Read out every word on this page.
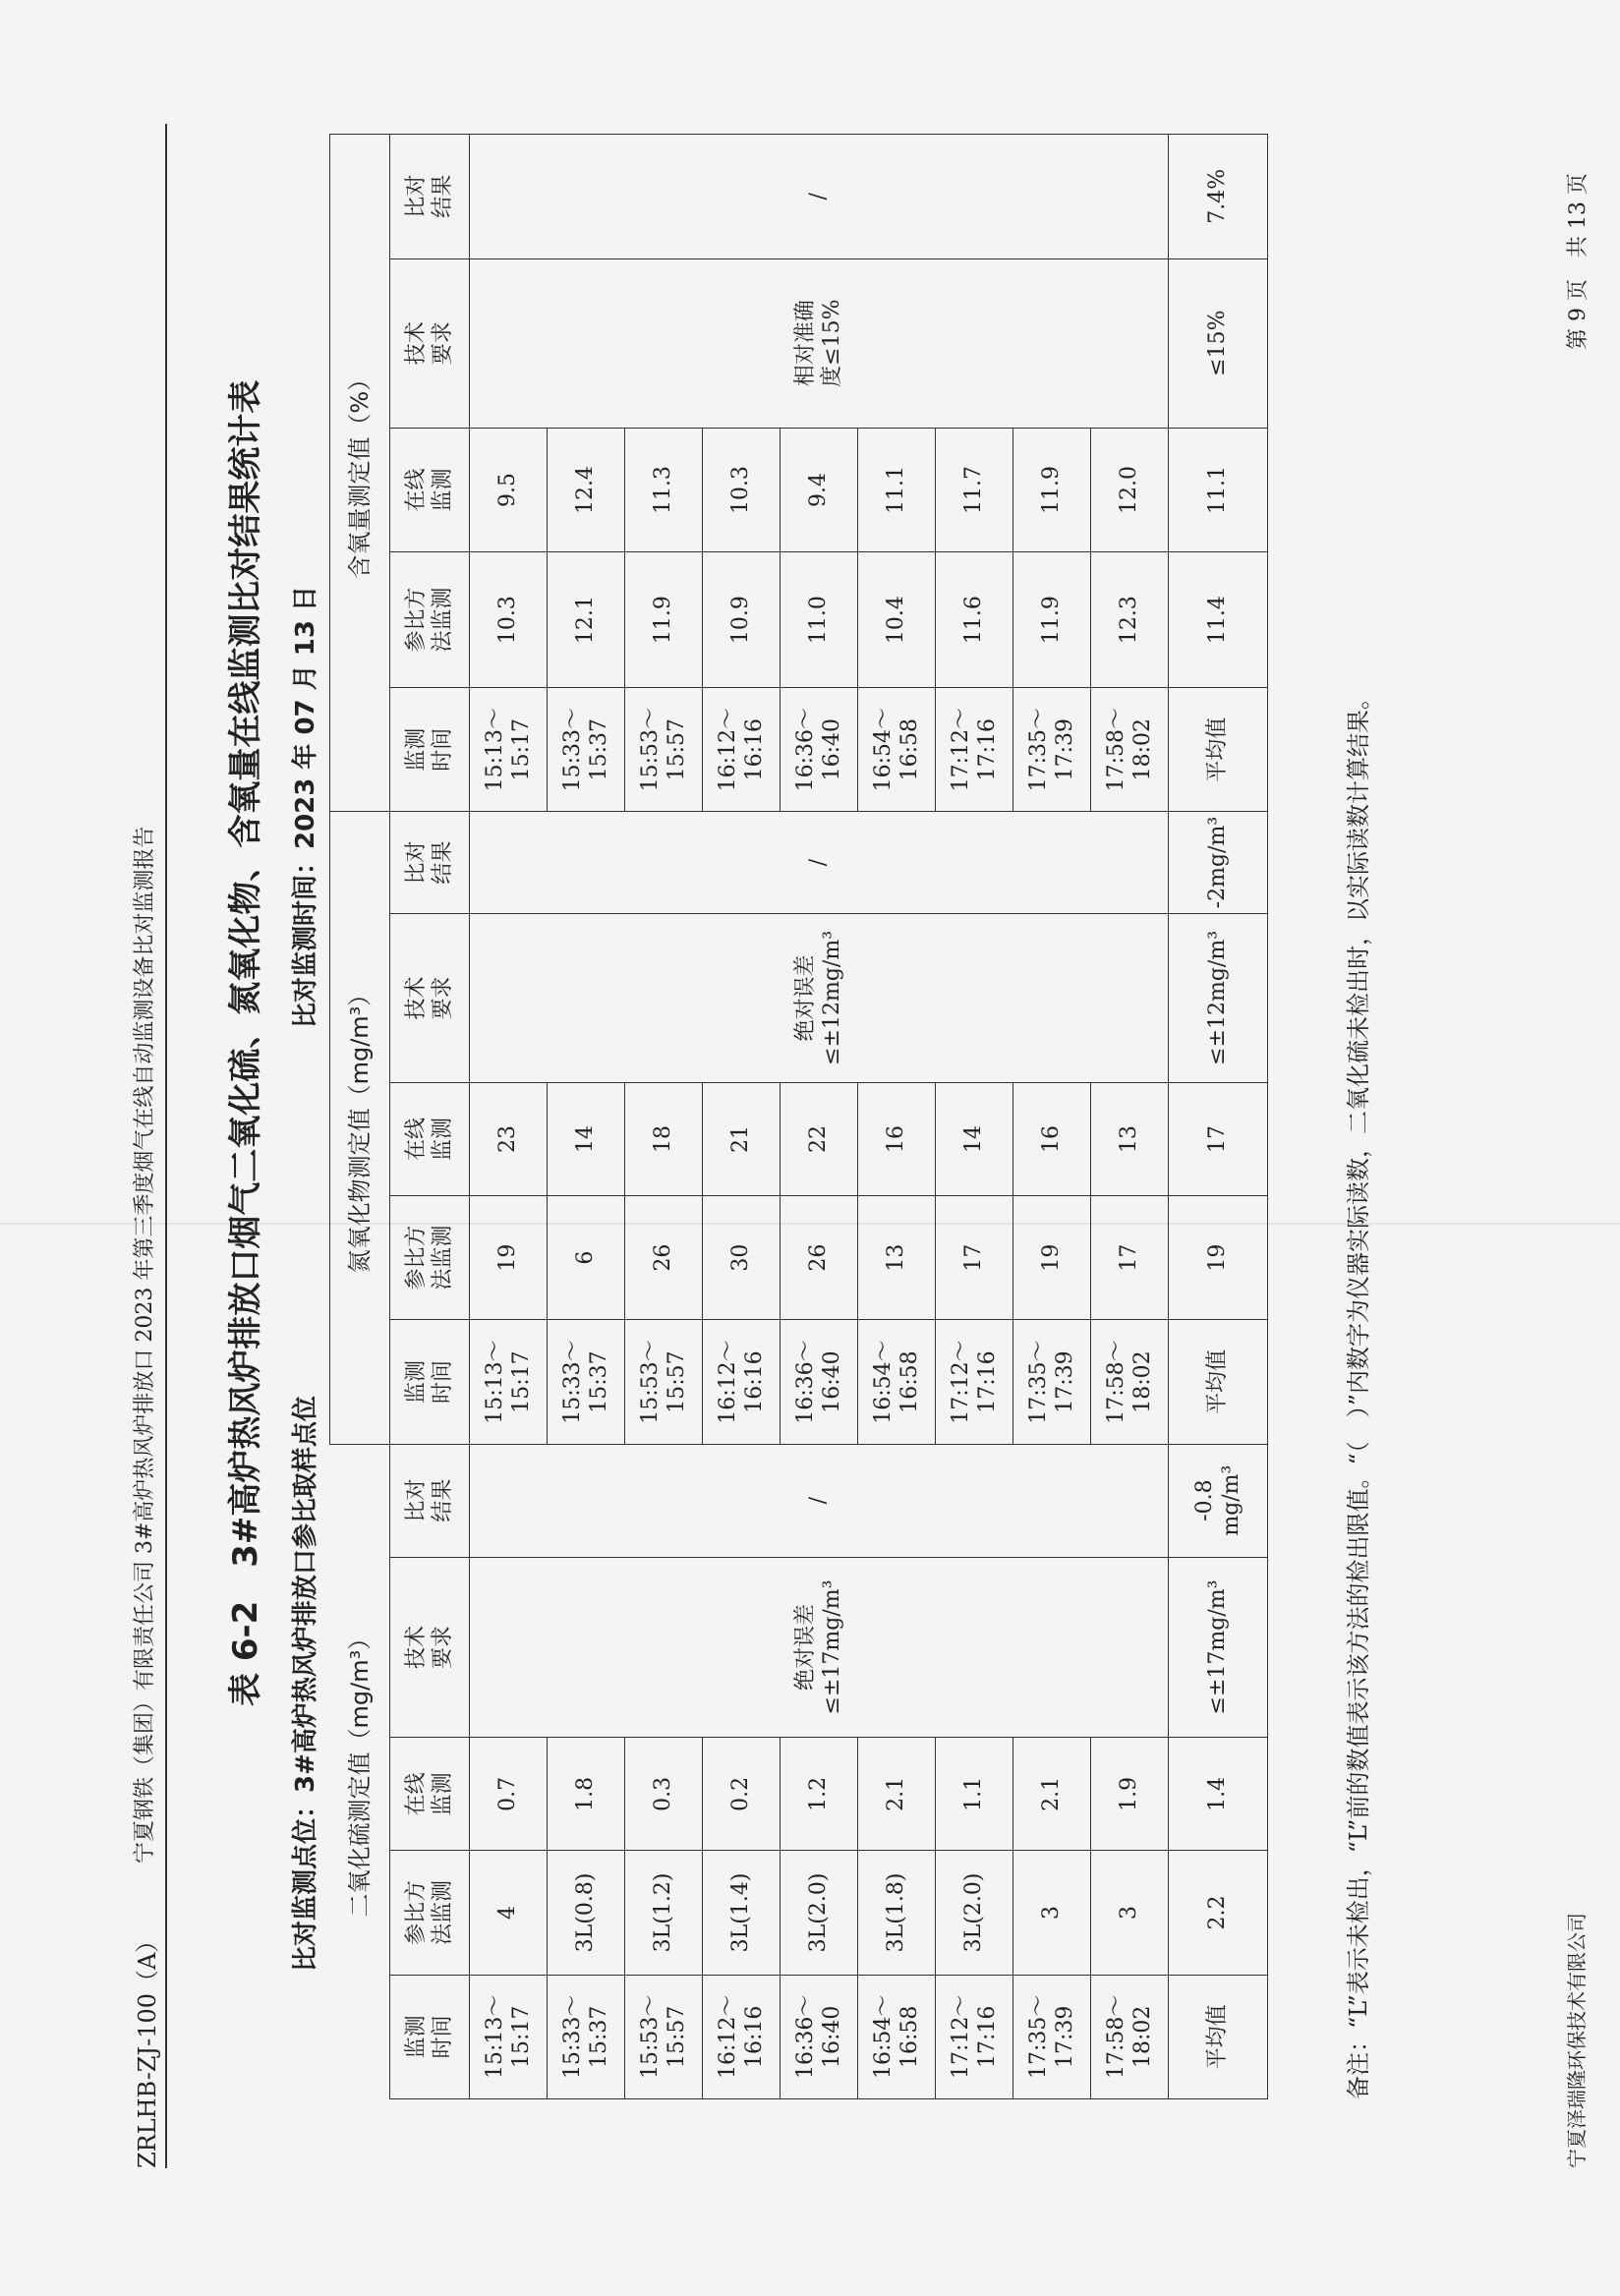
ZRLHB-ZJ-100（A）
宁夏钢铁（集团）有限责任公司 3#高炉热风炉排放口 2023 年第三季度烟气在线自动监测设备比对监测报告 表 6-2　3#高炉热风炉排放口烟气二氧化硫、氮氧化物、含氧量在线监测比对结果统计表 比对监测点位：3#高炉热风炉排放口参比取样点位
比对监测时间：2023 年 07 月 13 日
二氧化硫测定值（mg/m³）					氮氧化物测定值（mg/m³）					含氧量测定值（%）				

监测 时间	参比方 法监测	在线 监测	技术 要求	比对 结果	监测 时间	参比方 法监测	在线 监测	技术 要求	比对 结果	监测 时间	参比方 法监测	在线 监测	技术 要求	比对 结果

15:13～ 15:17	4	0.7	绝对误差 ≤±17mg/m³	/	15:13～ 15:17	19	23	绝对误差 ≤±12mg/m³	/	15:13～ 15:17	10.3	9.5	相对准确 度≤15%	/

15:33～ 15:37	3L(0.8)	1.8			15:33～ 15:37	6	14			15:33～ 15:37	12.1	12.4		

15:53～ 15:57	3L(1.2)	0.3			15:53～ 15:57	26	18			15:53～ 15:57	11.9	11.3		

16:12～ 16:16	3L(1.4)	0.2			16:12～ 16:16	30	21			16:12～ 16:16	10.9	10.3		

16:36～ 16:40	3L(2.0)	1.2			16:36～ 16:40	26	22			16:36～ 16:40	11.0	9.4		

16:54～ 16:58	3L(1.8)	2.1			16:54～ 16:58	13	16			16:54～ 16:58	10.4	11.1		

17:12～ 17:16	3L(2.0)	1.1			17:12～ 17:16	17	14			17:12～ 17:16	11.6	11.7		

17:35～ 17:39	3	2.1			17:35～ 17:39	19	16			17:35～ 17:39	11.9	11.9		

17:58～ 18:02	3	1.9			17:58～ 18:02	17	13			17:58～ 18:02	12.3	12.0		
平均值	2.2	1.4	≤±17mg/m³	-0.8 mg/m³	平均值	19	17	≤±12mg/m³	-2mg/m³	平均值	11.4	11.1	≤15%	7.4%
备注：“L”表示未检出，“L”前的数值表示该方法的检出限值。“（　）”内数字为仪器实际读数，二氧化硫未检出时，以实际读数计算结果。	宁夏泽瑞隆环保技术有限公司
第 9 页　共 13 页
